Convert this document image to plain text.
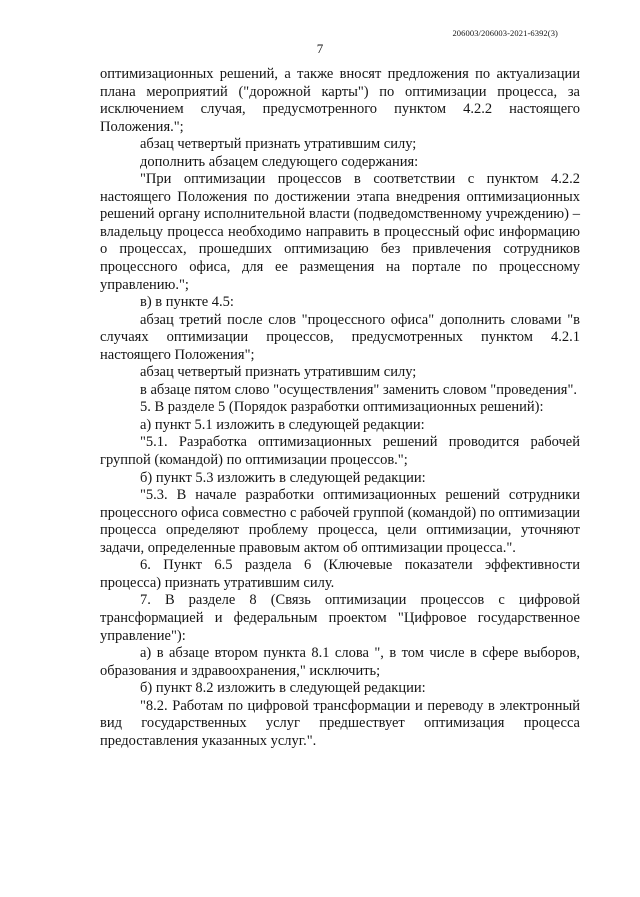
206003/206003-2021-6392(3)
7

оптимизационных решений, а также вносят предложения по актуализации плана мероприятий ("дорожной карты") по оптимизации процесса, за исключением случая, предусмотренного пунктом 4.2.2 настоящего Положения.";

абзац четвертый признать утратившим силу;

дополнить абзацем следующего содержания:

"При оптимизации процессов в соответствии с пунктом 4.2.2 настоящего Положения по достижении этапа внедрения оптимизационных решений органу исполнительной власти (подведомственному учреждению) – владельцу процесса необходимо направить в процессный офис информацию о процессах, прошедших оптимизацию без привлечения сотрудников процессного офиса, для ее размещения на портале по процессному управлению.";

в) в пункте 4.5:

абзац третий после слов "процессного офиса" дополнить словами "в случаях оптимизации процессов, предусмотренных пунктом 4.2.1 настоящего Положения";

абзац четвертый признать утратившим силу;

в абзаце пятом слово "осуществления" заменить словом "проведения".

5. В разделе 5 (Порядок разработки оптимизационных решений):

а) пункт 5.1 изложить в следующей редакции:

"5.1. Разработка оптимизационных решений проводится рабочей группой (командой) по оптимизации процессов.";

б) пункт 5.3 изложить в следующей редакции:

"5.3. В начале разработки оптимизационных решений сотрудники процессного офиса совместно с рабочей группой (командой) по оптимизации процесса определяют проблему процесса, цели оптимизации, уточняют задачи, определенные правовым актом об оптимизации процесса.".

6. Пункт 6.5 раздела 6 (Ключевые показатели эффективности процесса) признать утратившим силу.

7. В разделе 8 (Связь оптимизации процессов с цифровой трансформацией и федеральным проектом "Цифровое государственное управление"):

а) в абзаце втором пункта 8.1 слова ", в том числе в сфере выборов, образования и здравоохранения," исключить;

б) пункт 8.2 изложить в следующей редакции:

"8.2. Работам по цифровой трансформации и переводу в электронный вид государственных услуг предшествует оптимизация процесса предоставления указанных услуг.".
